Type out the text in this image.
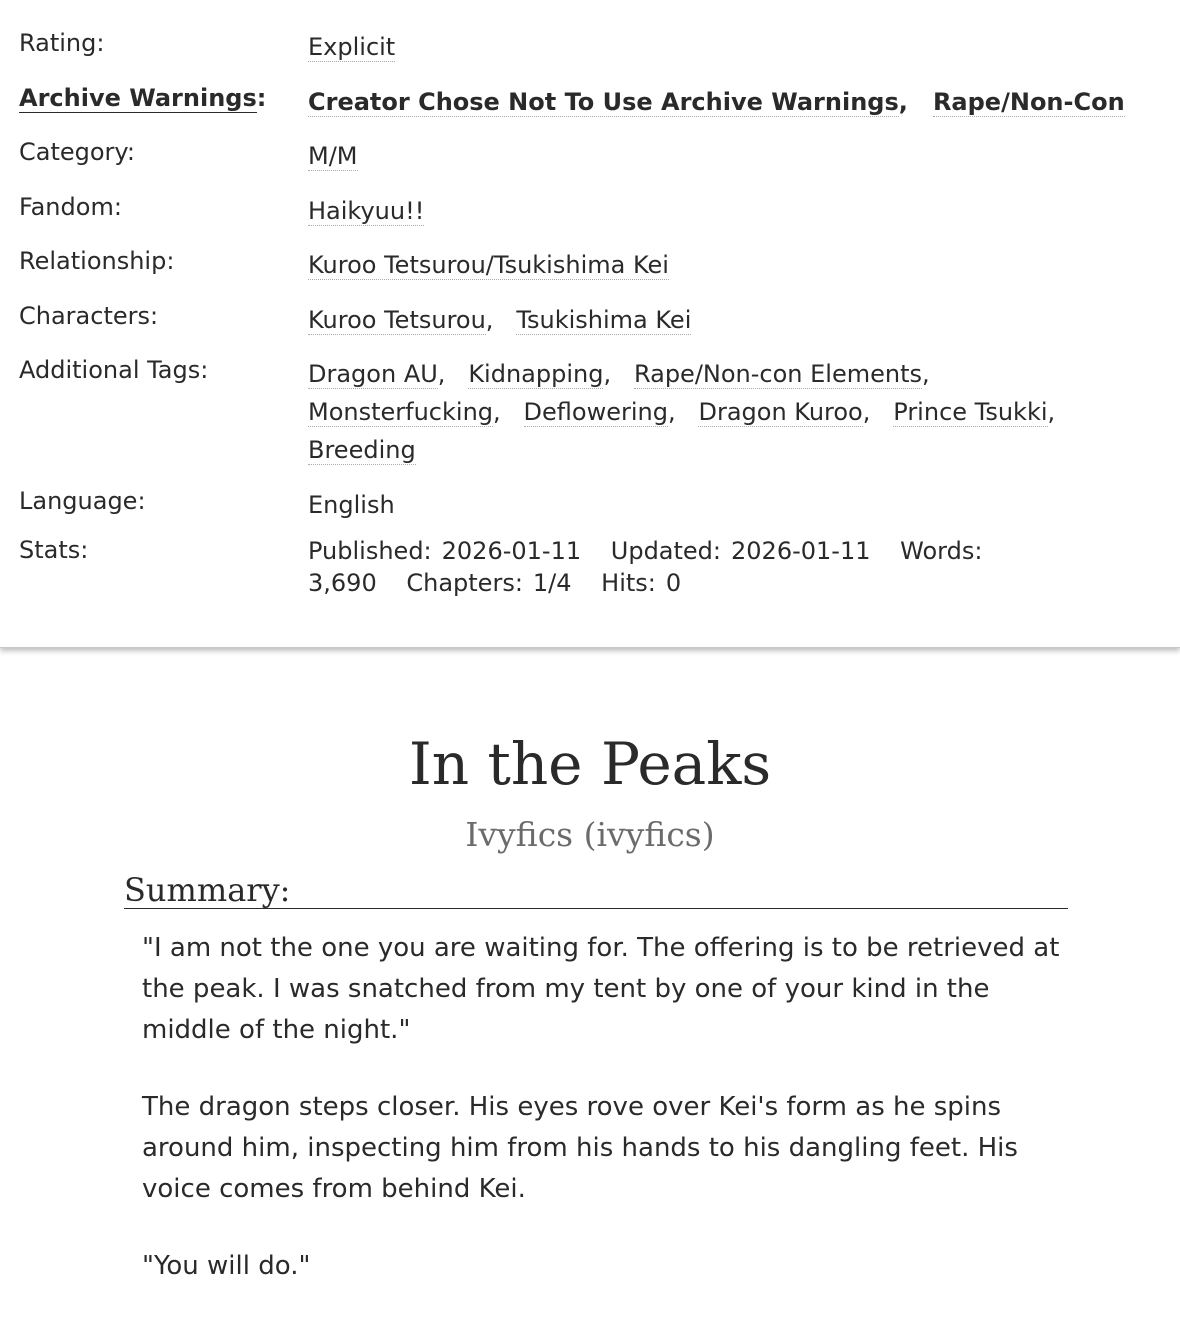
Rating:	Explicit
Archive Warnings: Creator Chose Not To Use Archive Warnings,   Rape/Non-Con
Category:	M/M
Fandom:	Haikyuu!!
Relationship:	Kuroo Tetsurou/Tsukishima Kei
Characters:	Kuroo Tetsurou,   Tsukishima Kei
Additional Tags:	Dragon AU,   Kidnapping,   Rape/Non-con Elements,
Monsterfucking,   Deflowering,   Dragon Kuroo,   Prince Tsukki,
Breeding
Language:	English
Stats:	Published: 2026-01-11 Updated: 2026-01-11 Words:
3,690 Chapters: 1/4 Hits: 0
In the Peaks
Ivyfics (ivyfics)
Summary:

"I am not the one you are waiting for. The offering is to be retrieved at the peak. I was snatched from my tent by one of your kind in the middle of the night."

The dragon steps closer. His eyes rove over Kei's form as he spins around him, inspecting him from his hands to his dangling feet. His voice comes from behind Kei.

"You will do."
